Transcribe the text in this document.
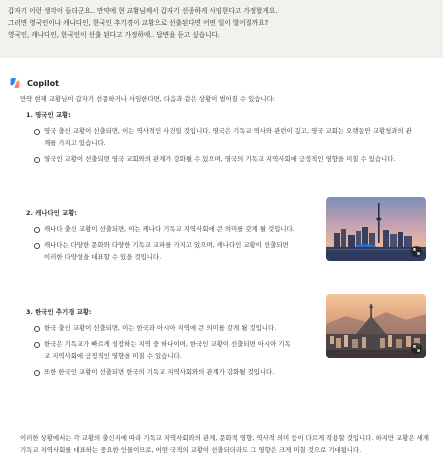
갑자기 이런 생각이 들더군요.. 만약에 현 교황님께서 갑자기 선종하게 사임한다고 가정할게요.

그러면 영국인이나 캐나다인, 한국인 추기경이 교황으로 선출된다면 어떤 일이 벌어질까요?

영국인, 캐나다인, 한국인이 선출 된다고 가정하에.. 답변을 듣고 싶습니다.

Copilot

만약 현재 교황님이 갑자기 선종하거나 사임한다면, 다음과 같은 상황이 벌어질 수 있습니다:

1. 영국인 교황:

영국 출신 교황이 선출되면, 이는 역사적인 사건일 것입니다. 영국은 기독교 역사와 관련이 깊고, 영국 교회는 오랫동안 교황청과의 관계를 가지고 있습니다.
영국인 교황이 선출되면 영국 교회와의 관계가 강화될 수 있으며, 영국의 기독교 지역사회에 긍정적인 영향을 미칠 수 있습니다.

2. 캐나다인 교황:

캐나다 출신 교황이 선출되면, 이는 캐나다 기독교 지역사회에 큰 의미를 갖게 될 것입니다.
캐나다는 다양한 문화와 다양한 기독교 교파를 가지고 있으며, 캐나다인 교황이 선출되면 이러한 다양성을 대표할 수 있을 것입니다.

3. 한국인 추기경 교황:

한국 출신 교황이 선출되면, 이는 한국과 아시아 지역에 큰 의미를 갖게 될 것입니다.
한국은 기독교가 빠르게 성장하는 지역 중 하나이며, 한국인 교황이 선출되면 아시아 기독교 지역사회에 긍정적인 영향을 미칠 수 있습니다.
또한 한국인 교황이 선출되면 한국의 기독교 지역사회와의 관계가 강화될 것입니다.

이러한 상황에서는 각 교황의 출신지에 따라 기독교 지역사회와의 관계, 문화적 영향, 역사적 의미 등이 다르게 작용할 것입니다. 하지만 교황은 세계 기독교 지역사회를 대표하는 중요한 인물이므로, 어떤 국적의 교황이 선출되더라도 그 영향은 크게 미칠 것으로 기대됩니다.
